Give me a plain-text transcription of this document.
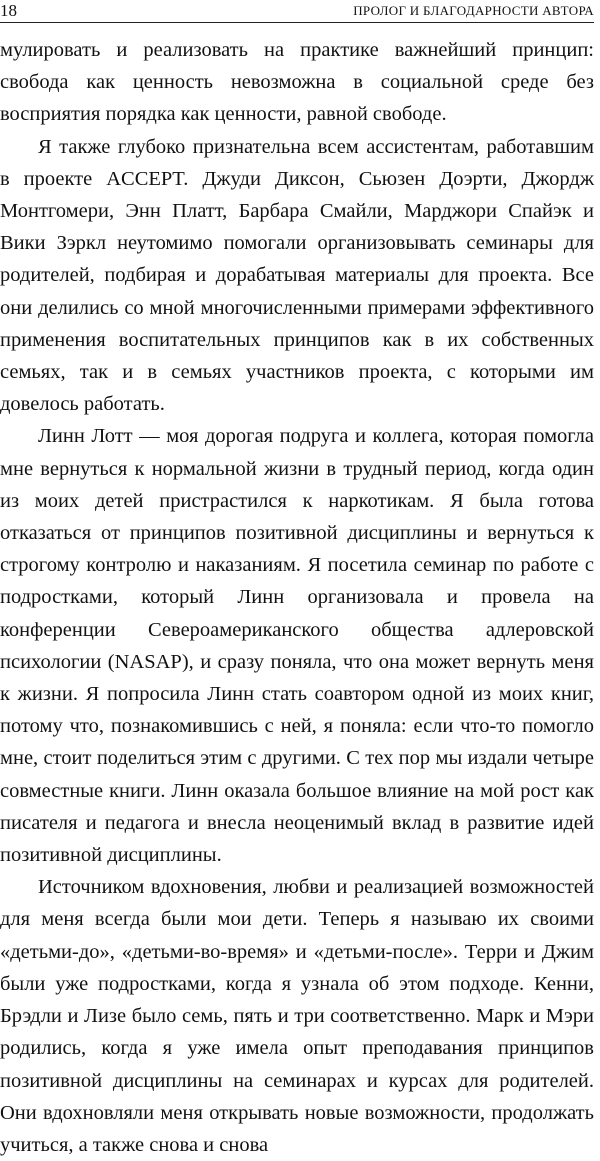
18	ПРОЛОГ И БЛАГОДАРНОСТИ АВТОРА

мулировать и реализовать на практике важнейший принцип: свобода как ценность невозможна в социальной среде без восприятия порядка как ценности, равной свободе.

Я также глубоко признательна всем ассистентам, работавшим в проекте ACCEPT. Джуди Диксон, Сьюзен Доэрти, Джордж Монтгомери, Энн Платт, Барбара Смайли, Марджори Спайэк и Вики Зэркл неутомимо помогали организовывать семинары для родителей, подбирая и дорабатывая материалы для проекта. Все они делились со мной многочисленными примерами эффективного применения воспитательных принципов как в их собственных семьях, так и в семьях участников проекта, с которыми им довелось работать.

Линн Лотт — моя дорогая подруга и коллега, которая помогла мне вернуться к нормальной жизни в трудный период, когда один из моих детей пристрастился к наркотикам. Я была готова отказаться от принципов позитивной дисциплины и вернуться к строгому контролю и наказаниям. Я посетила семинар по работе с подростками, который Линн организовала и провела на конференции Североамериканского общества адлеровской психологии (NASAP), и сразу поняла, что она может вернуть меня к жизни. Я попросила Линн стать соавтором одной из моих книг, потому что, познакомившись с ней, я поняла: если что-то помогло мне, стоит поделиться этим с другими. С тех пор мы издали четыре совместные книги. Линн оказала большое влияние на мой рост как писателя и педагога и внесла неоценимый вклад в развитие идей позитивной дисциплины.

Источником вдохновения, любви и реализацией возможностей для меня всегда были мои дети. Теперь я называю их своими «детьми-до», «детьми-во-время» и «детьми-после». Терри и Джим были уже подростками, когда я узнала об этом подходе. Кенни, Брэдли и Лизе было семь, пять и три соответственно. Марк и Мэри родились, когда я уже имела опыт преподавания принципов позитивной дисциплины на семинарах и курсах для родителей. Они вдохновляли меня открывать новые возможности, продолжать учиться, а также снова и снова
